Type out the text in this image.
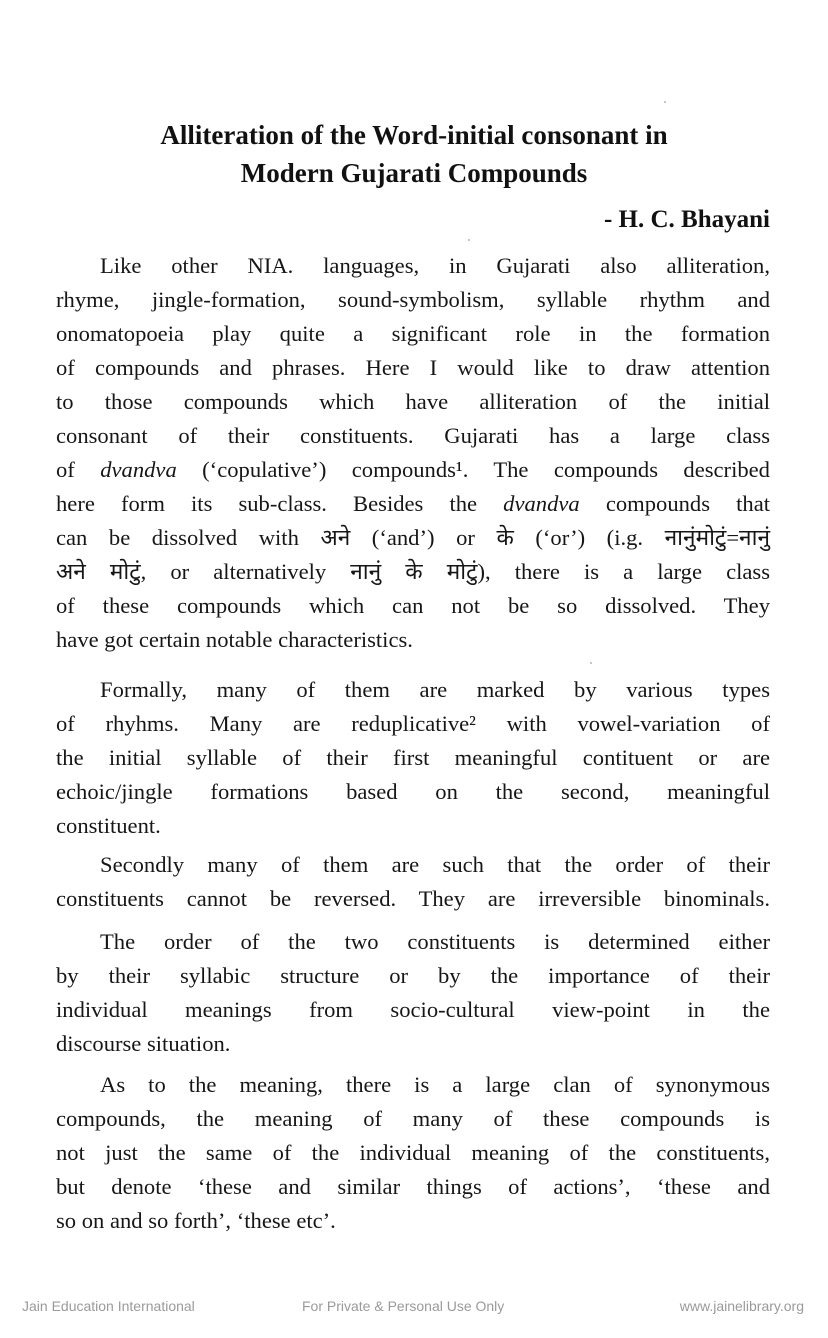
Alliteration of the Word-initial consonant in
Modern Gujarati Compounds
- H. C. Bhayani
Like other NIA. languages, in Gujarati also alliteration,
rhyme, jingle-formation, sound-symbolism, syllable rhythm and
onomatopoeia play quite a significant role in the formation
of compounds and phrases. Here I would like to draw attention
to those compounds which have alliteration of the initial
consonant of their constituents. Gujarati has a large class
of dvandva (‘copulative’) compounds¹. The compounds described
here form its sub-class. Besides the dvandva compounds that
can be dissolved with अने (‘and’) or के (‘or’) (i.g. नानुंमोटुं=नानुं
अने मोटुं, or alternatively नानुं के मोटुं), there is a large class
of these compounds which can not be so dissolved. They
have got certain notable characteristics.
Formally, many of them are marked by various types
of rhyhms. Many are reduplicative² with vowel-variation of
the initial syllable of their first meaningful contituent or are
echoic/jingle formations based on the second, meaningful
constituent.
Secondly many of them are such that the order of their
constituents cannot be reversed. They are irreversible binominals.
The order of the two constituents is determined either
by their syllabic structure or by the importance of their
individual meanings from socio-cultural view-point in the
discourse situation.
As to the meaning, there is a large clan of synonymous
compounds, the meaning of many of these compounds is
not just the same of the individual meaning of the constituents,
but denote ‘these and similar things of actions’, ‘these and
so on and so forth’, ‘these etc’.
Jain Education International	For Private & Personal Use Only	www.jainelibrary.org
